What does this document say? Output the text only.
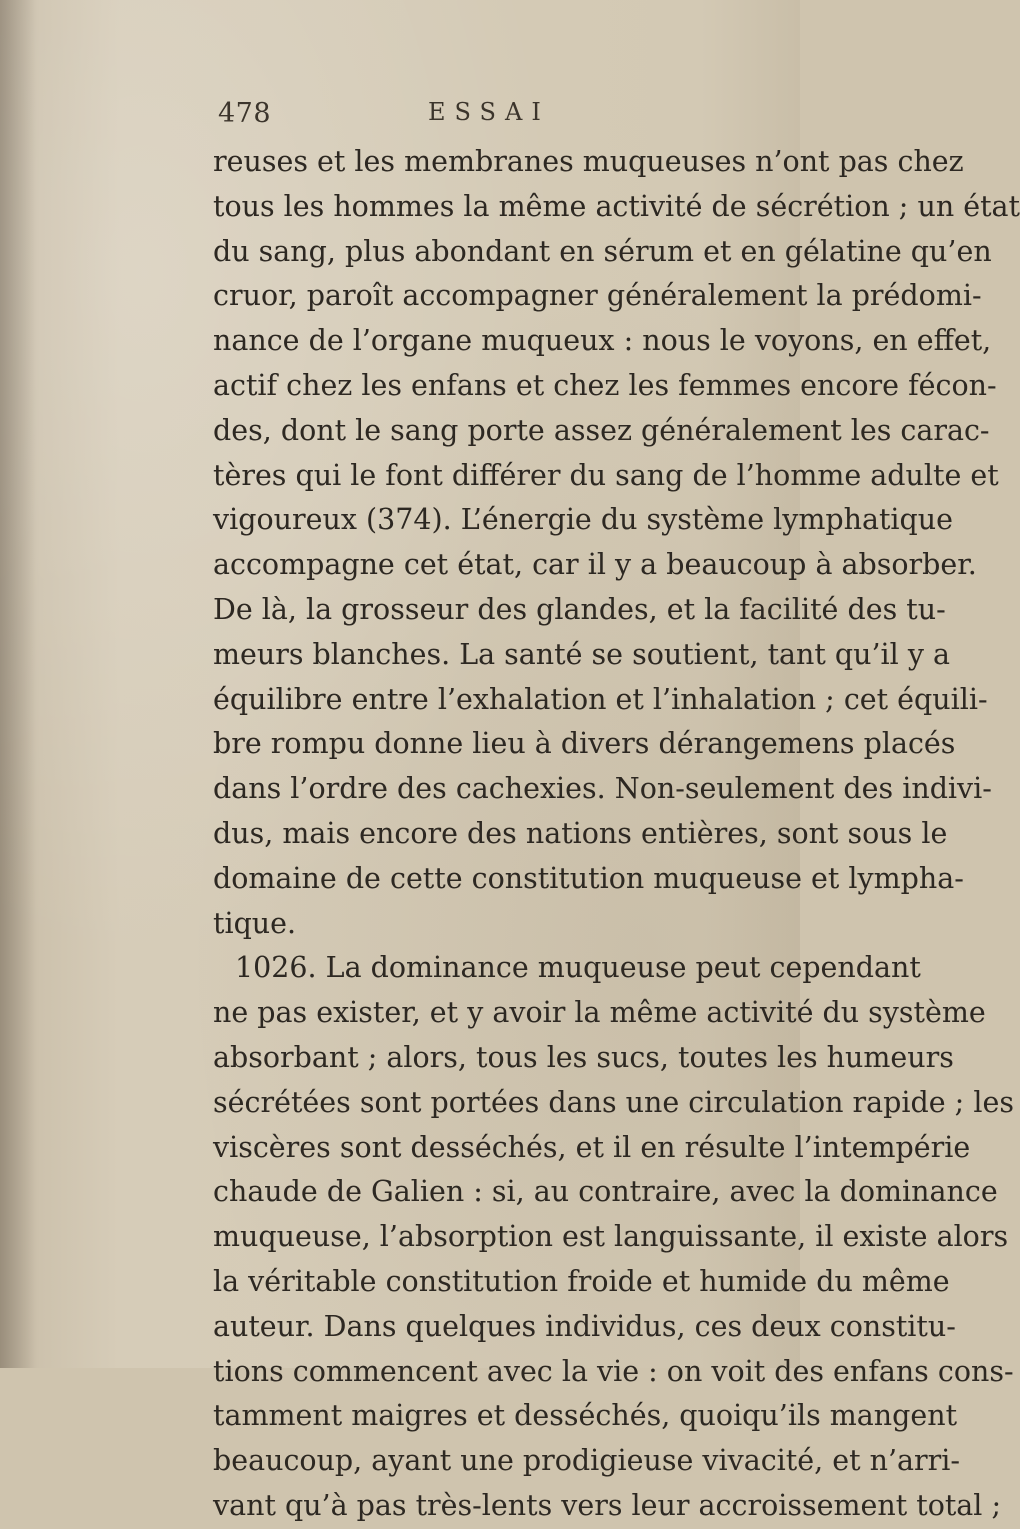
478	ESSAI
reuses et les membranes muqueuses n’ont pas chez
tous les hommes la même activité de sécrétion ; un état
du sang, plus abondant en sérum et en gélatine qu’en
cruor, paroît accompagner généralement la prédomi-
nance de l’organe muqueux : nous le voyons, en effet,
actif chez les enfans et chez les femmes encore fécon-
des, dont le sang porte assez généralement les carac-
tères qui le font différer du sang de l’homme adulte et
vigoureux (374). L’énergie du système lymphatique
accompagne cet état, car il y a beaucoup à absorber.
De là, la grosseur des glandes, et la facilité des tu-
meurs blanches. La santé se soutient, tant qu’il y a
équilibre entre l’exhalation et l’inhalation ; cet équili-
bre rompu donne lieu à divers dérangemens placés
dans l’ordre des cachexies. Non-seulement des indivi-
dus, mais encore des nations entières, sont sous le
domaine de cette constitution muqueuse et lympha-
tique.
1026. La dominance muqueuse peut cependant
ne pas exister, et y avoir la même activité du système
absorbant ; alors, tous les sucs, toutes les humeurs
sécrétées sont portées dans une circulation rapide ; les
viscères sont desséchés, et il en résulte l’intempérie
chaude de Galien : si, au contraire, avec la dominance
muqueuse, l’absorption est languissante, il existe alors
la véritable constitution froide et humide du même
auteur. Dans quelques individus, ces deux constitu-
tions commencent avec la vie : on voit des enfans cons-
tamment maigres et desséchés, quoiqu’ils mangent
beaucoup, ayant une prodigieuse vivacité, et n’arri-
vant qu’à pas très-lents vers leur accroissement total ;
